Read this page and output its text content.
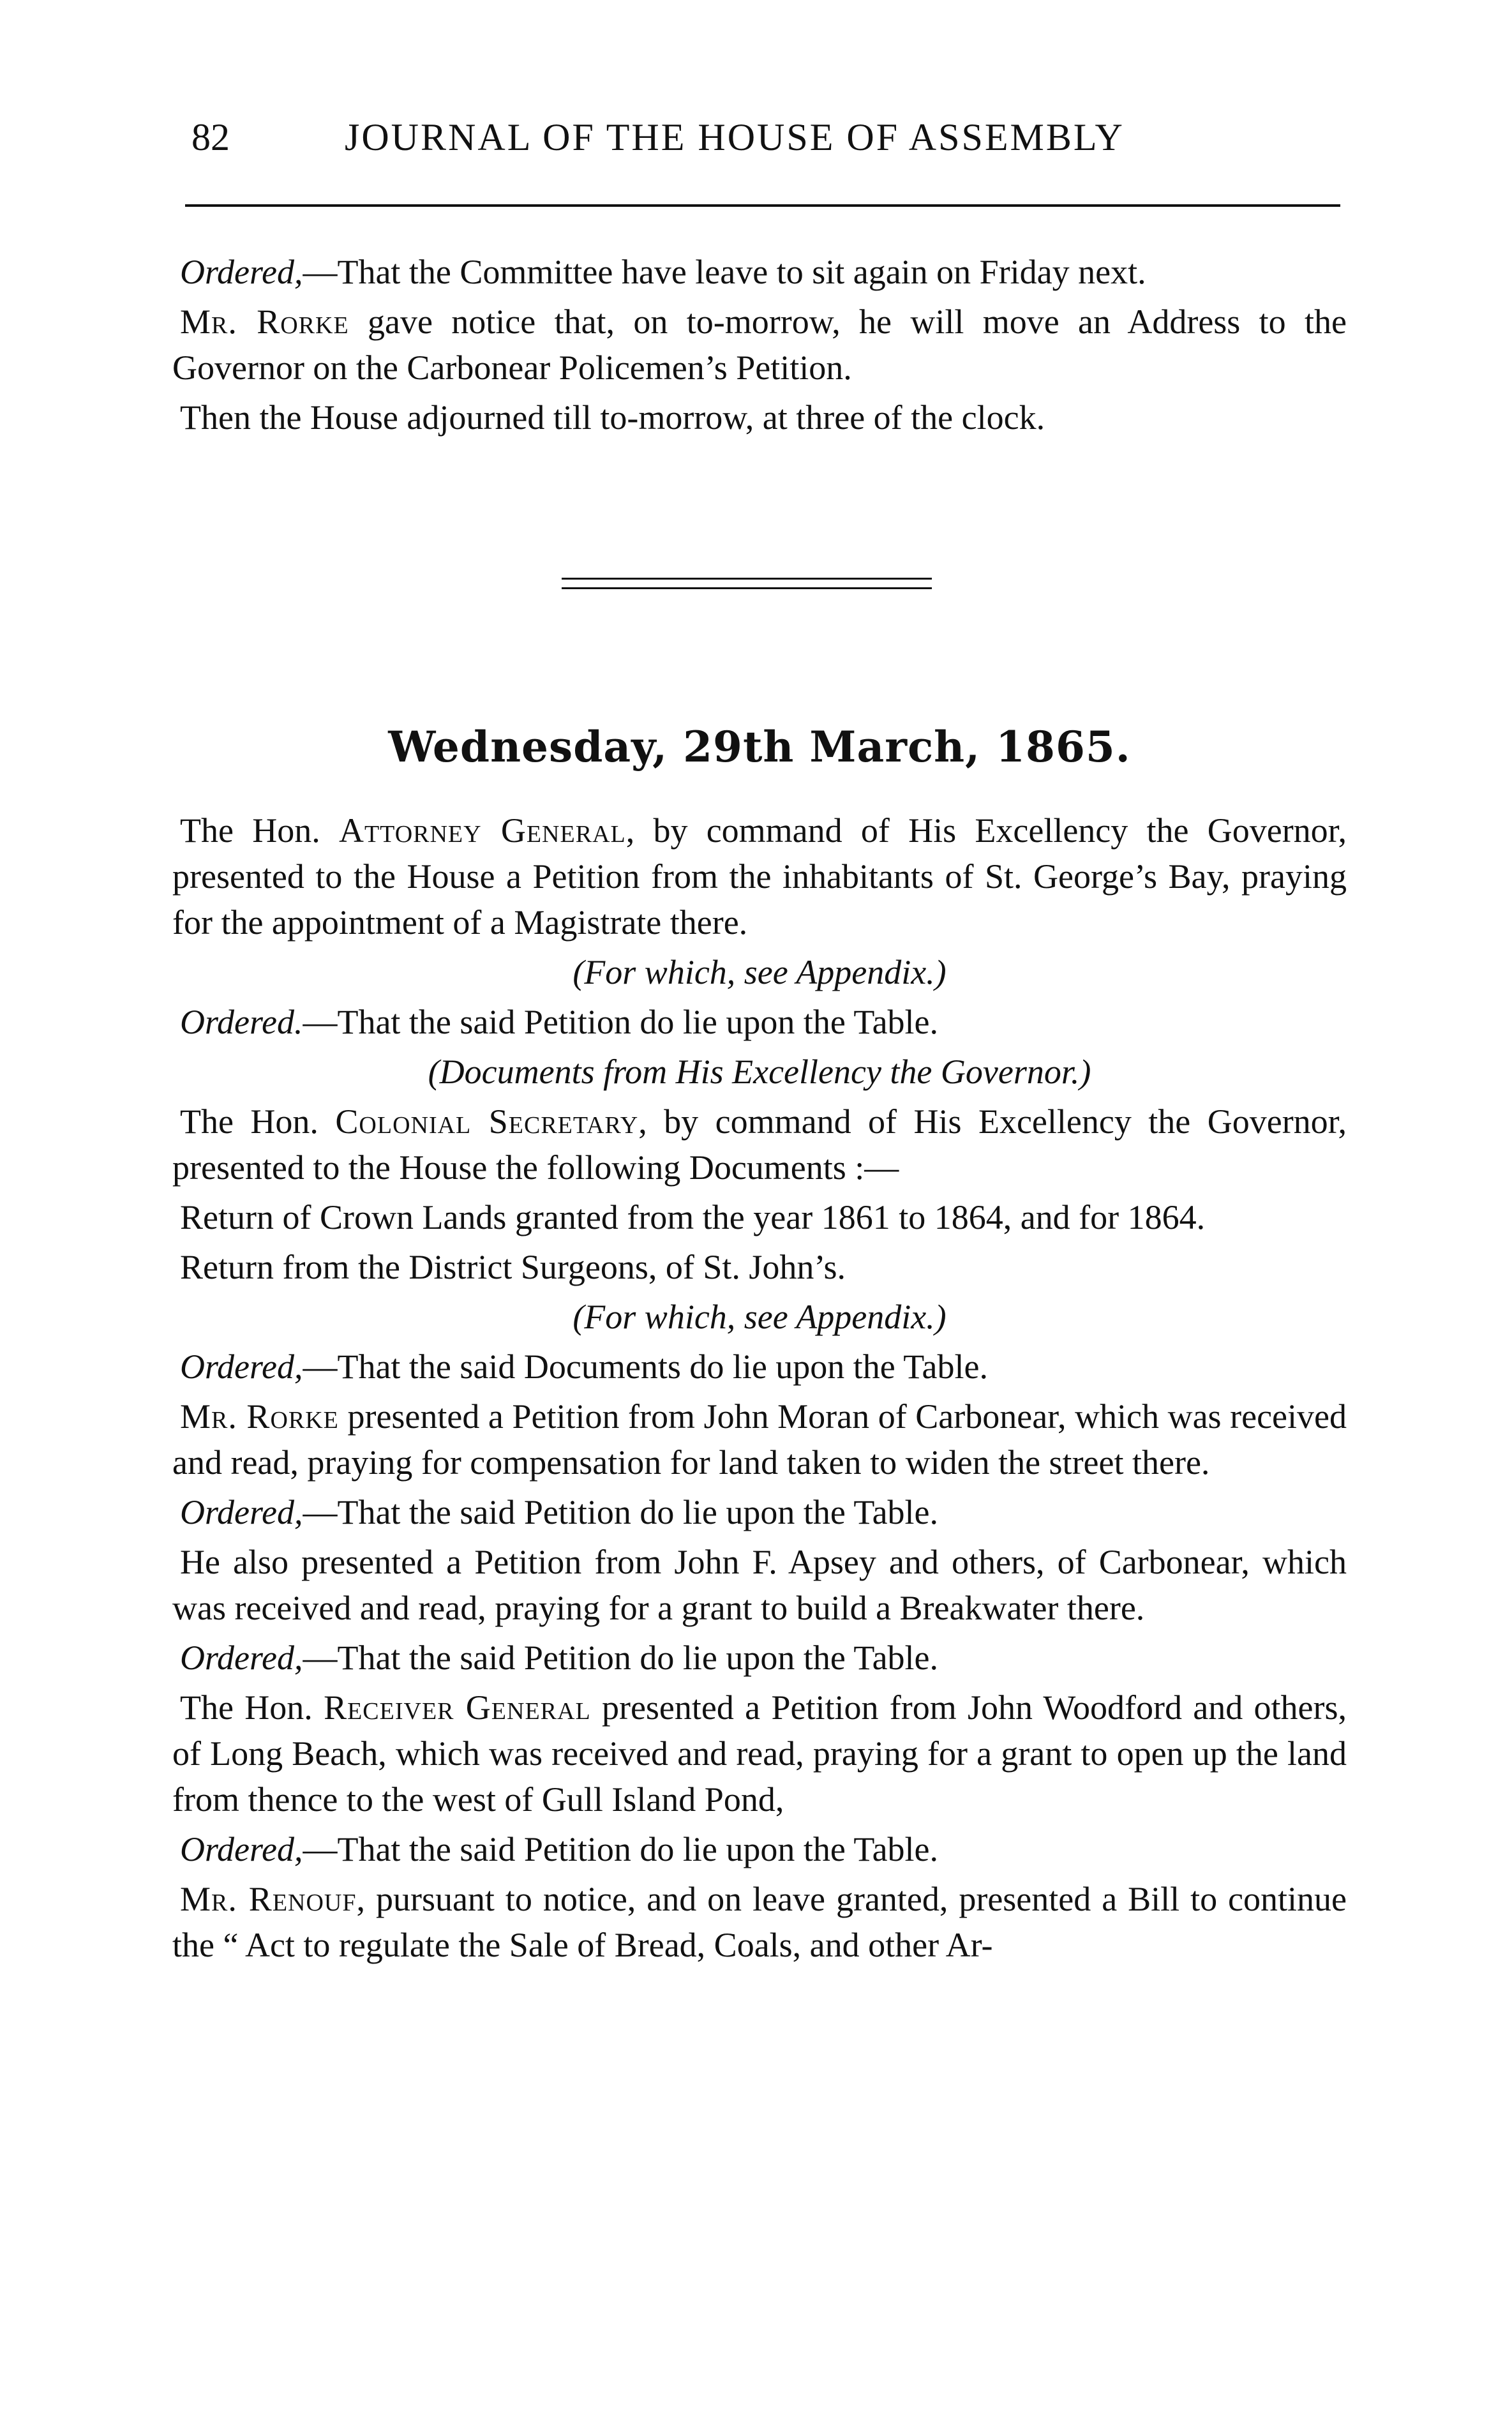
82	JOURNAL OF THE HOUSE OF ASSEMBLY

Ordered,—That the Committee have leave to sit again on Friday next.

Mr. Rorke gave notice that, on to-morrow, he will move an Address to the Governor on the Carbonear Policemen’s Petition.

Then the House adjourned till to-morrow, at three of the clock.

Wednesday, 29th March, 1865.

The Hon. Attorney General, by command of His Excellency the Governor, presented to the House a Petition from the inhabitants of St. George’s Bay, praying for the appointment of a Magistrate there.

(For which, see Appendix.)

Ordered.—That the said Petition do lie upon the Table.

(Documents from His Excellency the Governor.)

The Hon. Colonial Secretary, by command of His Excellency the Governor, presented to the House the following Documents :—

Return of Crown Lands granted from the year 1861 to 1864, and for 1864.

Return from the District Surgeons, of St. John’s.

(For which, see Appendix.)

Ordered,—That the said Documents do lie upon the Table.

Mr. Rorke presented a Petition from John Moran of Carbonear, which was received and read, praying for compensation for land taken to widen the street there.

Ordered,—That the said Petition do lie upon the Table.

He also presented a Petition from John F. Apsey and others, of Carbonear, which was received and read, praying for a grant to build a Breakwater there.

Ordered,—That the said Petition do lie upon the Table.

The Hon. Receiver General presented a Petition from John Woodford and others, of Long Beach, which was received and read, praying for a grant to open up the land from thence to the west of Gull Island Pond,

Ordered,—That the said Petition do lie upon the Table.

Mr. Renouf, pursuant to notice, and on leave granted, presented a Bill to continue the “ Act to regulate the Sale of Bread, Coals, and other Ar-
